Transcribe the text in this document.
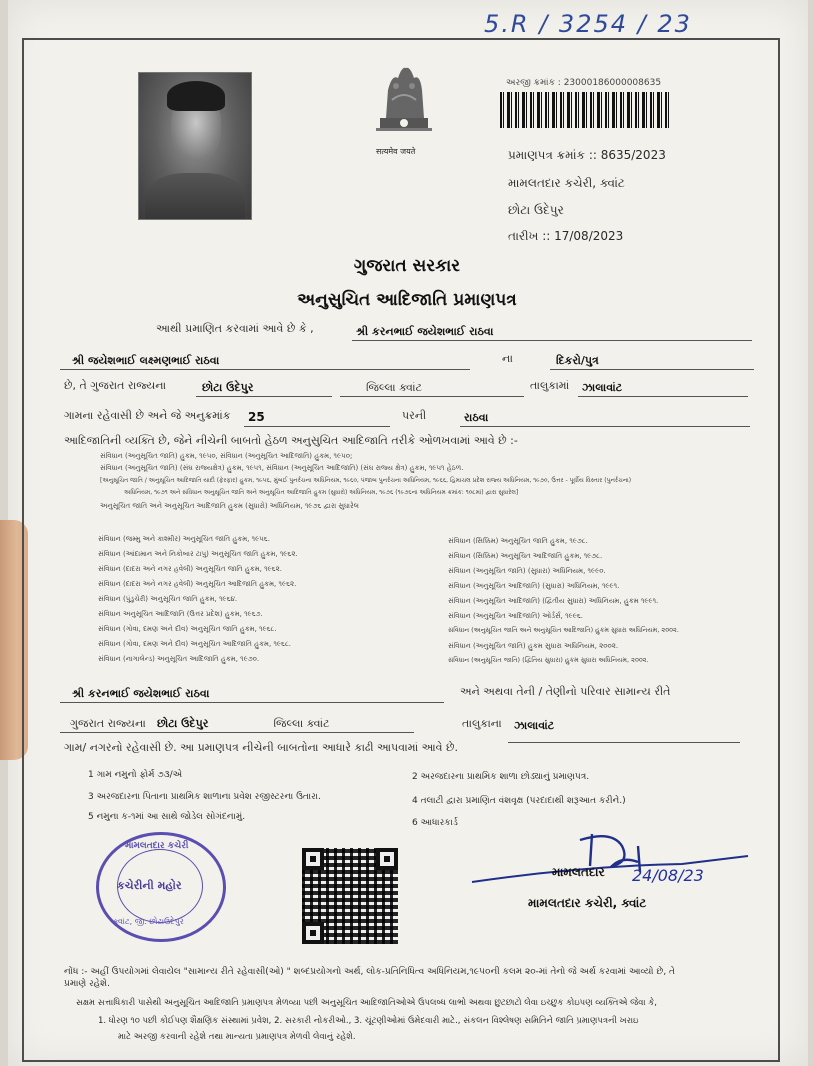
5.R / 3254 / 23
सत्यमेव जयते
અરજી ક્રમાંક : 23000186000008635
પ્રમાણપત્ર ક્રમાંક :: 8635/2023
મામલતદાર કચેરી, ક્વાંટ
છોટા ઉદેપુર
તારીખ :: 17/08/2023
ગુજરાત સરકાર
અનુસુચિત આદિજાતિ પ્રમાણપત્ર
આથી પ્રમાણિત કરવામાં આવે છે કે ,	શ્રી કરનભાઈ જયેશભાઈ રાઠવા
શ્રી જયેશભાઈ લક્ષ્મણભાઈ રાઠવા	ના	દિકરો/પુત્ર
છે, તે ગુજરાત રાજ્યના	છોટા ઉદેપુર	જિલ્લા ક્વાંટ	તાલુકામાં	ઝાલાવાંટ
ગામના રહેવાસી છે અને જે અનુક્રમાંક	25	પરની	રાઠવા
આદિજાતિની વ્યક્તિ છે, જેને નીચેની બાબતો હેઠળ અનુસુચિત આદિજાતિ તરીકે ઓળખવામાં આવે છે :-
સંવિધાન (અનુસૂચિત જાતિ) હુકમ, ૧૯૫૦, સંવિધાન (અનુસૂચિત આદિજાતિ) હુકમ, ૧૯૫૦;
સંવિધાન (અનુસૂચિત જાતિ) (સંઘ રાજ્યક્ષેત્ર) હુકમ, ૧૯૫૧, સંવિધાન (અનુસૂચિત આદિજાતિ) (સંઘ રાજ્ય ક્ષેત્ર) હુકમ, ૧૯૫૧ હેઠળ.
[અનુસૂચિત જાતિ / અનુસૂચિત આદિજાતિ યાદી (ફેરફાર) હુકમ, ૧૯૫૬, મુંબઈ પુનર્રચના અધિનિયમ, ૧૯૬૦, પંજાબ પુનર્રચના અધિનિયમ, ૧૯૬૬, હિમાચલ પ્રદેશ રાજ્ય અધિનિયમ, ૧૯૭૦, ઉત્તર - પૂર્વીય વિસ્તાર (પુનર્રચના)
અધિનિયમ, ૧૯૭૧ અને સંવિધાન અનુસૂચિત જાતિ અને અનુસૂચિત આદિજાતિ હુકમ (સુધારો) અધિનિયમ, ૧૯૭૬ (૧૯૭૬ના અધિનિયમ ક્રમાંક: ૧૦૮માં) દ્વારા સુધારેલ]
અનુસૂચિત જાતિ અને અનુસૂચિત આદિજાતિ હુકમ (સુધારો) અધિનિયમ, ૧૯૭૬ દ્વારા સુધારેલ
સંવિધાન (જમ્મુ અને કાશ્મીર) અનુસૂચિત જાતિ હુકમ, ૧૯૫૬.
સંવિધાન (આંદામાન અને નિકોબાર ટાપુ) અનુસૂચિત જાતિ હુકમ, ૧૯૬૨.
સંવિધાન (દાદરા અને નગર હવેલી) અનુસૂચિત જાતિ હુકમ, ૧૯૬૨.
સંવિધાન (દાદરા અને નગર હવેલી) અનુસૂચિત આદિજાતિ હુકમ, ૧૯૬૨.
સંવિધાન (પુંડુચેરી) અનુસૂચિત જાતિ હુકમ, ૧૯૬૪.
સંવિધાન અનુસૂચિત આદિજાતિ (ઉત્તર પ્રદેશ) હુકમ, ૧૯૬૭.
સંવિધાન (ગોવા, દમણ અને દીવ) અનુસૂચિત જાતિ હુકમ, ૧૯૬૮.
સંવિધાન (ગોવા, દમણ અને દીવ) અનુસૂચિત આદિજાતિ હુકમ, ૧૯૬૮.
સંવિધાન (નાગાલેન્ડ) અનુસૂચિત આદિજાતિ હુકમ, ૧૯૭૦.
સંવિધાન (સિક્કિમ) અનુસૂચિત જાતિ હુકમ, ૧૯૭૮.
સંવિધાન (સિક્કિમ) અનુસૂચિત આદિજાતિ હુકમ, ૧૯૭૮.
સંવિધાન (અનુસૂચિત જાતિ) (સુધારા) અધિનિયમ, ૧૯૯૦.
સંવિધાન (અનુસૂચિત આદિજાતિ) (સુધારા) અધિનિયમ, ૧૯૯૧.
સંવિધાન (અનુસૂચિત આદિજાતિ) (દ્વિતીય સુધારા) અધિનિયમ, હુકમ ૧૯૯૧.
સંવિધાન (અનુસૂચિત આદિજાતિ) ઓર્ડર્સ, ૧૯૯૬.
સંવિધાન (અનુસૂચિત જાતિ અને અનુસૂચિત આદિજાતિ) હુકમ સુધારા અધિનિયમ, ૨૦૦૨.
સંવિધાન (અનુસૂચિત જાતિ) હુકમ સુધારા અધિનિયમ, ૨૦૦૨.
સંવિધાન (અનુસૂચિત જાતિ) (દ્વિતિય સુધારા) હુકમ સુધારા અધિનિયમ, ૨૦૦૨.
શ્રી કરનભાઈ જયેશભાઈ રાઠવા	અને અથવા તેની / તેણીનો પરિવાર સામાન્ય રીતે
ગુજરાત રાજ્યના છોટા ઉદેપુર	જિલ્લા ક્વાંટ	તાલુકાના	ઝાલાવાંટ
ગામ/ નગરનો રહેવાસી છે. આ પ્રમાણપત્ર નીચેની બાબતોના આધારે કાઢી આપવામાં આવે છે.
1 ગામ નમુનો ફોર્મ ૭૩/એ
3 અરજદારના પિતાના પ્રાથમિક શાળાના પ્રવેશ રજીસ્ટરના ઉતારા.
5 નમુના ક-૧માં આ સાથે જોડેલ સોગંદનામું.
2 અરજદારના પ્રાથમિક શાળા છોડ્યાનું પ્રમાણપત્ર.
4 તલાટી દ્વારા પ્રમાણિત વંશવૃક્ષ (પરદાદાથી શરૂઆત કરીને.)
6 આધારકાર્ડ
મામલતદાર કચેરી
કચેરીની મહોર
ક્વાંટ, જી. છોટાઉદેપુર
મામલતદાર 24/08/23
મામલતદાર કચેરી, ક્વાંટ
નોંધ :- અહીં ઉપયોગમાં લેવાયેલ "સામાન્ય રીતે રહેવાસી(ઓ) " શબ્દપ્રયોગનો અર્થ, લોક-પ્રતિનિધિત્વ અધિનિયમ,૧૯૫૦ની કલમ ૨૦-માં તેનો જે અર્થ કરવામાં આવ્યો છે, તે
પ્રમાણે રહેશે.
સક્ષમ સત્તાધિકારી પાસેથી અનુસૂચિત આદિજાતિ પ્રમાણપત્ર મેળવ્યા પછી અનુસૂચિત આદિજાતિઓએ ઉપલબ્ધ લાભો અથવા છુટછાટો લેવા ઇચ્છુક કોઇપણ વ્યક્તિએ જેવા કે,
1. ધોરણ ૧૦ પછી કોઈપણ શૈક્ષણિક સંસ્થામાં પ્રવેશ, 2. સરકારી નોકરીઓ., 3. ચૂંટણીઓમાં ઉમેદવારી માટે., સંકલન વિશ્લેષણ સમિતિને જાતિ પ્રમાણપત્રની ખરાઇ
માટે અરજી કરવાની રહેશે તથા માન્યતા પ્રમાણપત્ર મેળવી લેવાનું રહેશે.
